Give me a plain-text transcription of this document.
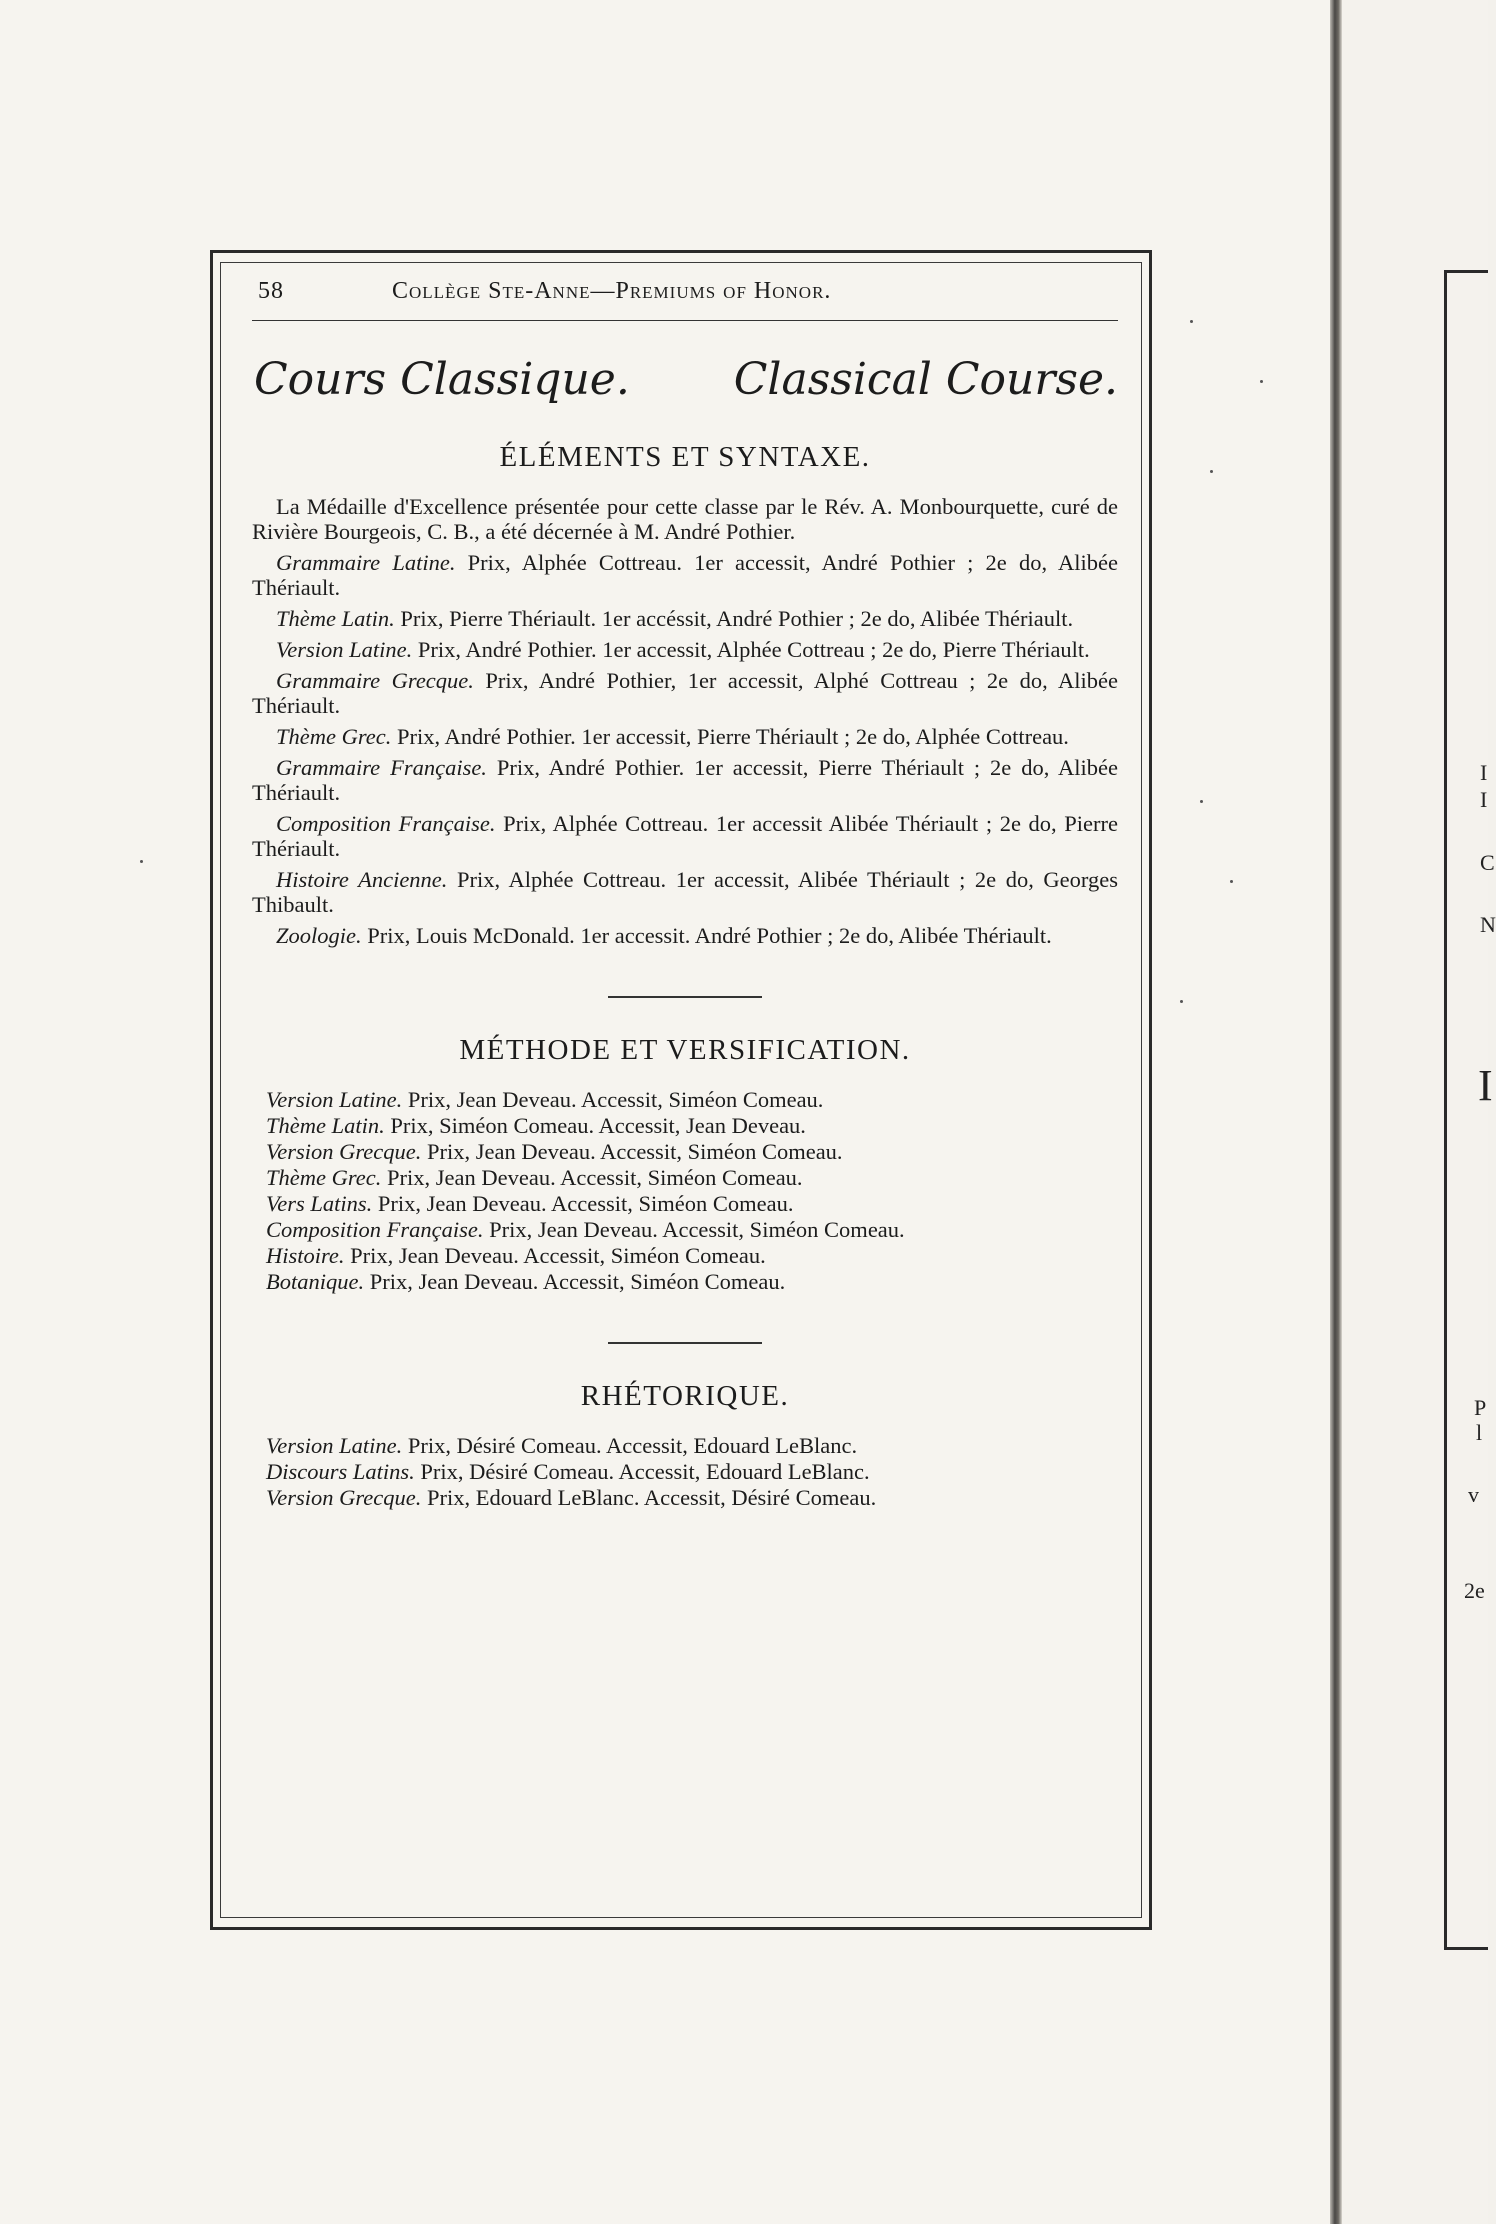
I
I
C
N
I
P
l
v
2e
58	Collège Ste-Anne—Premiums of Honor.
Cours Classique. Classical Course.
ÉLÉMENTS ET SYNTAXE.

La Médaille d'Excellence présentée pour cette classe par le Rév. A. Monbourquette, curé de Rivière Bourgeois, C. B., a été décernée à M. André Pothier.

Grammaire Latine. Prix, Alphée Cottreau. 1er accessit, André Pothier ; 2e do, Alibée Thériault.

Thème Latin. Prix, Pierre Thériault. 1er accéssit, André Pothier ; 2e do, Alibée Thériault.

Version Latine. Prix, André Pothier. 1er accessit, Alphée Cottreau ; 2e do, Pierre Thériault.

Grammaire Grecque. Prix, André Pothier, 1er accessit, Alphé Cottreau ; 2e do, Alibée Thériault.

Thème Grec. Prix, André Pothier. 1er accessit, Pierre Thériault ; 2e do, Alphée Cottreau.

Grammaire Française. Prix, André Pothier. 1er accessit, Pierre Thériault ; 2e do, Alibée Thériault.

Composition Française. Prix, Alphée Cottreau. 1er accessit Alibée Thériault ; 2e do, Pierre Thériault.

Histoire Ancienne. Prix, Alphée Cottreau. 1er accessit, Alibée Thériault ; 2e do, Georges Thibault.

Zoologie. Prix, Louis McDonald. 1er accessit. André Pothier ; 2e do, Alibée Thériault.

MÉTHODE ET VERSIFICATION.

Version Latine. Prix, Jean Deveau. Accessit, Siméon Comeau.

Thème Latin. Prix, Siméon Comeau. Accessit, Jean Deveau.

Version Grecque. Prix, Jean Deveau. Accessit, Siméon Comeau.

Thème Grec. Prix, Jean Deveau. Accessit, Siméon Comeau.

Vers Latins. Prix, Jean Deveau. Accessit, Siméon Comeau.

Composition Française. Prix, Jean Deveau. Accessit, Siméon Comeau.

Histoire. Prix, Jean Deveau. Accessit, Siméon Comeau.

Botanique. Prix, Jean Deveau. Accessit, Siméon Comeau.

RHÉTORIQUE.

Version Latine. Prix, Désiré Comeau. Accessit, Edouard LeBlanc.

Discours Latins. Prix, Désiré Comeau. Accessit, Edouard LeBlanc.

Version Grecque. Prix, Edouard LeBlanc. Accessit, Désiré Comeau.
